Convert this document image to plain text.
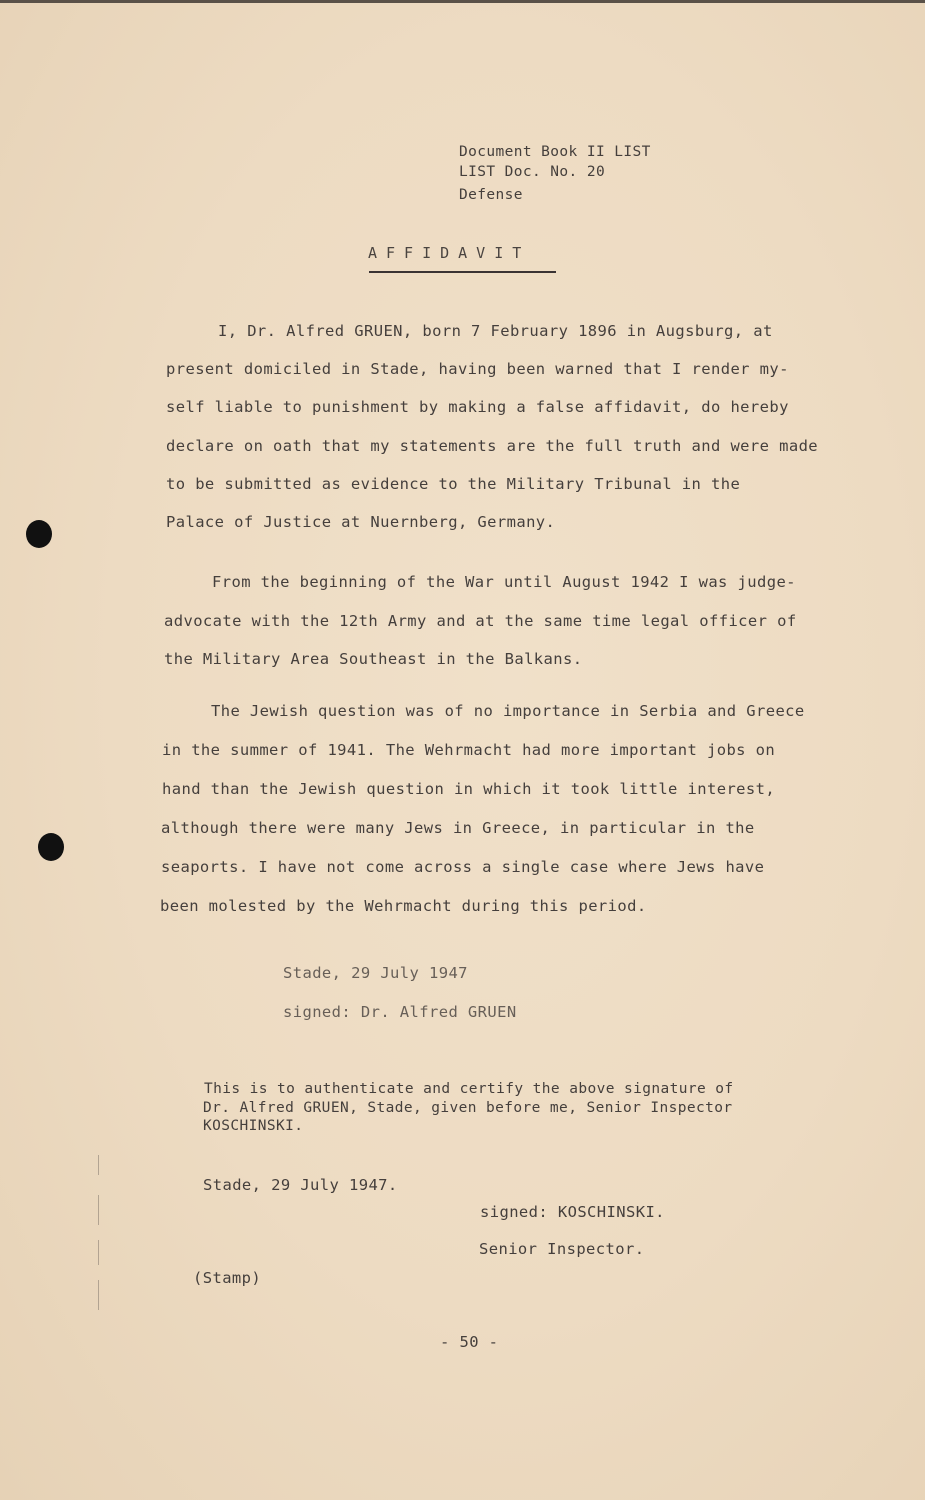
Document Book II LIST
LIST Doc. No. 20
Defense
AFFIDAVIT
I, Dr. Alfred GRUEN, born 7 February 1896 in Augsburg, at
present domiciled in Stade, having been warned that I render my-
self liable to punishment by making a false affidavit, do hereby
declare on oath that my statements are the full truth and were made
to be submitted as evidence to the Military Tribunal in the
Palace of Justice at Nuernberg, Germany.
From the beginning of the War until August 1942 I was judge-
advocate with the 12th Army and at the same time legal officer of
the Military Area Southeast in the Balkans.
The Jewish question was of no importance in Serbia and Greece
in the summer of 1941. The Wehrmacht had more important jobs on
hand than the Jewish question in which it took little interest,
although there were many Jews in Greece, in particular in the
seaports. I have not come across a single case where Jews have
been molested by the Wehrmacht during this period.
Stade, 29 July 1947
signed: Dr. Alfred GRUEN
This is to authenticate and certify the above signature of
Dr. Alfred GRUEN, Stade, given before me, Senior Inspector
KOSCHINSKI.
Stade, 29 July 1947.
signed: KOSCHINSKI.
Senior Inspector.
(Stamp)
- 50 -
